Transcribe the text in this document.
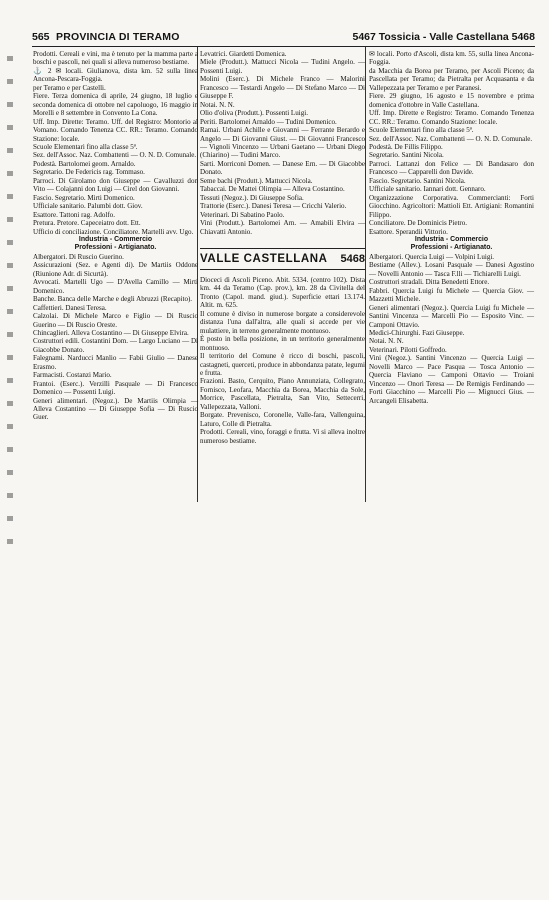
565 PROVINCIA DI TERAMO	5467 Tossicia - Valle Castellana 5468

Prodotti. Cereali e vini, ma è tenuto per la mamma parte a boschi e pascoli, nei quali si alleva numeroso bestiame.

⚓ 2 ✉ locali. Giulianova, dista km. 52 sulla linea Ancona-Pescara-Foggia.

per Teramo e per Castelli.

Fiere. Terza domenica di aprile, 24 giugno, 18 luglio e seconda domenica di ottobre nel capoluogo, 16 maggio in Morelli e 8 settembre in Convento La Cona.

Uff. Imp. Dirette: Teramo. Uff. del Registro: Montorio al Vomano. Comando Tenenza CC. RR.: Teramo. Comando Stazione: locale.

Scuole Elementari fino alla classe 5ª.

Sez. dell'Assoc. Naz. Combattenti — O. N. D. Comunale.

Podestà. Bartolomei geom. Arnaldo.

Segretario. De Federicis rag. Tommaso.

Parroci. Di Girolamo don Giuseppe — Cavalluzzi don Vito — Colajanni don Luigi — Cirel don Giovanni.

Fascio. Segretario. Mirti Domenico.

Ufficiale sanitario. Palumbi dott. Giov.

Esattore. Tattoni rag. Adolfo.

Pretura. Pretore. Capeceiatro dott. Ett.

Ufficio di conciliazione. Conciliatore. Martelli avv. Ugo.

Industria - Commercio

Professioni - Artigianato.

Albergatori. Di Ruscio Guerino.

Assicurazioni (Sez. e Agenti di). De Martiis Oddone (Riunione Adr. di Sicurtà).

Avvocati. Martelli Ugo — D'Avella Camillo — Mirti Domenico.

Banche. Banca delle Marche e degli Abruzzi (Recapito).

Caffettieri. Danesi Teresa.

Calzolai. Di Michele Marco e Figlio — Di Ruscio Guerino — Di Ruscio Oreste.

Chincaglieri. Alleva Costantino — Di Giuseppe Elvira.

Costruttori edili. Costantini Dom. — Largo Luciano — Di Giacobbe Donato.

Falegnami. Narducci Manlio — Fabii Giulio — Danese Erasmo.

Farmacisti. Costanzi Mario.

Frantoi. (Eserc.). Verzilli Pasquale — Di Francesco Domenico — Possenti Luigi.

Generi alimentari. (Negoz.). De Martiis Olimpia — Alleva Costantino — Di Giuseppe Sofia — Di Ruscio Guer.

Levatrici. Giardetti Domenica.

Miele (Produtt.). Mattucci Nicola — Tudini Angelo. — Possenti Luigi.

Molini (Eserc.). Di Michele Franco — Malorini Francesco — Testardi Angelo — Di Stefano Marco — Di Giuseppe F.

Notai. N. N.

Olio d'oliva (Produtt.). Possenti Luigi.

Periti. Bartolomei Arnaldo — Tudini Domenico.

Ramai. Urbani Achille e Giovanni — Ferrante Berardo e Angelo — Di Giovanni Giust. — Di Giovanni Francesco — Vignoli Vincenzo — Urbani Gaetano — Urbani Diego (Chiarino) — Tudini Marco.

Sarti. Morriconi Domen. — Danese Ern. — Di Giacobbe Donato.

Seme bachi (Produtt.). Mattucci Nicola.

Tabaccai. De Mattei Olimpia — Alleva Costantino.

Tessuti (Negoz.). Di Giuseppe Sofia.

Trattorie (Eserc.). Danesi Teresa — Cricchi Valerio.

Veterinari. Di Sabatino Paolo.

Vini (Produtt.). Bartolomei Arn. — Amabili Elvira — Chiavatti Antonio.

VALLE CASTELLANA 5468

Dioceci di Ascoli Piceno. Abit. 5334. (centro 102). Dista km. 44 da Teramo (Cap. prov.), km. 28 da Civitella del Tronto (Capol. mand. giud.). Superficie ettari 13.174. Altit. m. 625.

Il comune è diviso in numerose borgate a considerevole distanza l'una dall'altra, alle quali si accede per vie mulattiere, in terreno generalmente montuoso.

È posto in bella posizione, in un territorio generalmente montuoso.

Il territorio del Comune è ricco di boschi, pascoli, castagneti, querceti, produce in abbondanza patate, legumi e frutta.

Frazioni. Basto, Cerquito, Piano Annunziata, Collegrato, Fornisco, Leofara, Macchia da Borea, Macchia da Sole, Morrice, Pascellata, Pietralta, San Vito, Settecerri, Vallepezzata, Valloni.

Borgate. Prevenisco, Coronelle, Valle-fara, Vallenguina, Laturo, Colle di Pietralta.

Prodotti. Cereali, vino, foraggi e frutta. Vi si alleva inoltre numeroso bestiame.

✉ locali. Porto d'Ascoli, dista km. 55, sulla linea Ancona-Foggia.

da Macchia da Borea per Teramo, per Ascoli Piceno; da Pascellata per Teramo; da Pietralta per Acquasanta e da Vallepezzata per Teramo e per Paranesi.

Fiere. 29 giugno, 16 agosto e 15 novembre e prima domenica d'ottobre in Valle Castellana.

Uff. Imp. Dirette e Registro: Teramo. Comando Tenenza CC. RR.: Teramo. Comando Stazione: locale.

Scuole Elementari fino alla classe 5ª.

Sez. dell'Assoc. Naz. Combattenti — O. N. D. Comunale.

Podestà. De Fillis Filippo.

Segretario. Santini Nicola.

Parroci. Lattanzi don Felice — Di Bandasaro don Francesco — Capparelli don Davide.

Fascio. Segretario. Santini Nicola.

Ufficiale sanitario. Iannari dott. Gennaro.

Organizzazione Corporativa. Commercianti: Forti Giocchino. Agricoltori: Mattioli Ett. Artigiani: Romantini Filippo.

Conciliatore. De Dominicis Pietro.

Esattore. Sperandii Vittorio.

Industria - Commercio

Professioni - Artigianato.

Albergatori. Quercia Luigi — Volpini Luigi.

Bestiame (Allev.). Losani Pasquale — Danesi Agostino — Novelli Antonio — Tasca F.lli — Tichiarelli Luigi.

Costruttori stradali. Ditta Benedetti Ettore.

Fabbri. Quercia Luigi fu Michele — Quercia Giov. — Mazzetti Michele.

Generi alimentari (Negoz.). Quercia Luigi fu Michele — Santini Vincenza — Marcelli Pio — Esposito Vinc. — Camponi Ottavio.

Medici-Chirurghi. Fazi Giuseppe.

Notai. N. N.

Veterinari. Pilotti Goffredo.

Vini (Negoz.). Santini Vincenzo — Quercia Luigi — Novelli Marco — Pace Pasqua — Tosca Antonio — Quercia Flaviano — Camponi Ottavio — Troiani Vincenzo — Onori Teresa — De Remigis Ferdinando — Forti Giacchino — Marcelli Pio — Mignucci Gius. — Arcangeli Elisabetta.
